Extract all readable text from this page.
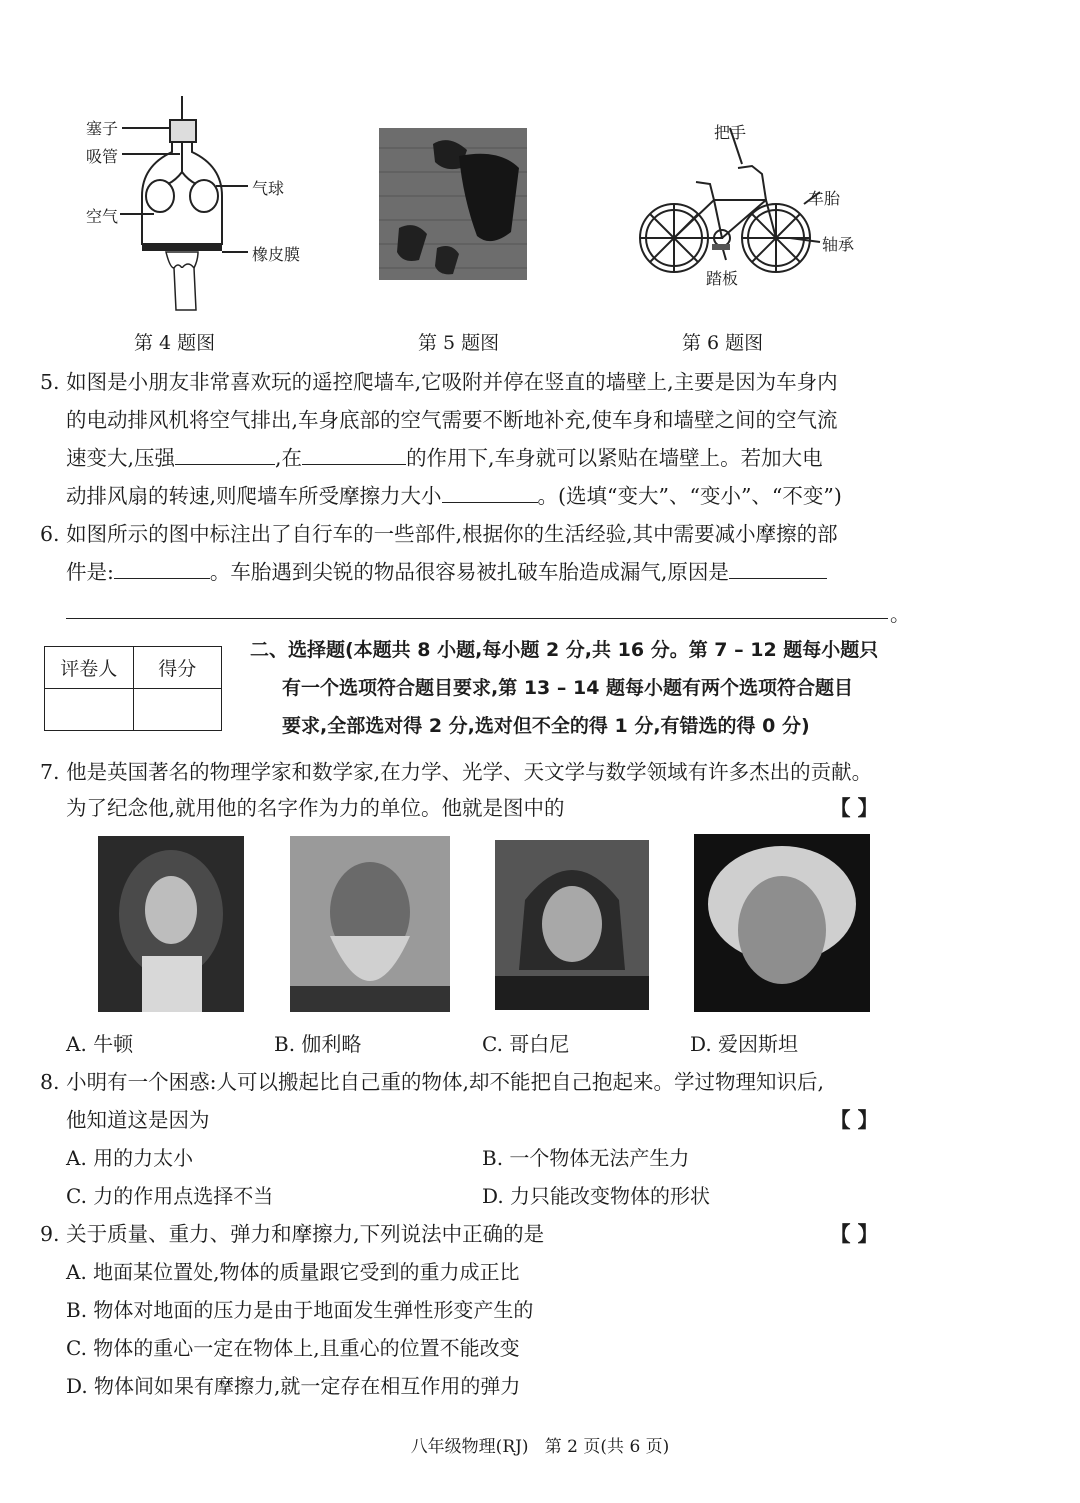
塞子
吸管
空气
气球
橡皮膜
把手
车胎
轴承
踏板
第 4 题图	第 5 题图	第 6 题图
5. 如图是小朋友非常喜欢玩的遥控爬墙车,它吸附并停在竖直的墙壁上,主要是因为车身内
的电动排风机将空气排出,车身底部的空气需要不断地补充,使车身和墙壁之间的空气流
速变大,压强	,在	的作用下,车身就可以紧贴在墙壁上。若加大电
动排风扇的转速,则爬墙车所受摩擦力大小	。(选填“变大”、“变小”、“不变”)
6. 如图所示的图中标注出了自行车的一些部件,根据你的生活经验,其中需要减小摩擦的部
件是:	。车胎遇到尖锐的物品很容易被扎破车胎造成漏气,原因是
。
评卷人	得分

二、选择题(本题共 8 小题,每小题 2 分,共 16 分。第 7 – 12 题每小题只
有一个选项符合题目要求,第 13 – 14 题每小题有两个选项符合题目
要求,全部选对得 2 分,选对但不全的得 1 分,有错选的得 0 分)
7. 他是英国著名的物理学家和数学家,在力学、光学、天文学与数学领域有许多杰出的贡献。
为了纪念他,就用他的名字作为力的单位。他就是图中的	【 】
A. 牛顿	B. 伽利略	C. 哥白尼	D. 爱因斯坦
8. 小明有一个困惑:人可以搬起比自己重的物体,却不能把自己抱起来。学过物理知识后,
他知道这是因为	【 】
A. 用的力太小	B. 一个物体无法产生力
C. 力的作用点选择不当	D. 力只能改变物体的形状
9. 关于质量、重力、弹力和摩擦力,下列说法中正确的是	【 】
A. 地面某位置处,物体的质量跟它受到的重力成正比
B. 物体对地面的压力是由于地面发生弹性形变产生的
C. 物体的重心一定在物体上,且重心的位置不能改变
D. 物体间如果有摩擦力,就一定存在相互作用的弹力
八年级物理(RJ)   第 2 页(共 6 页)
